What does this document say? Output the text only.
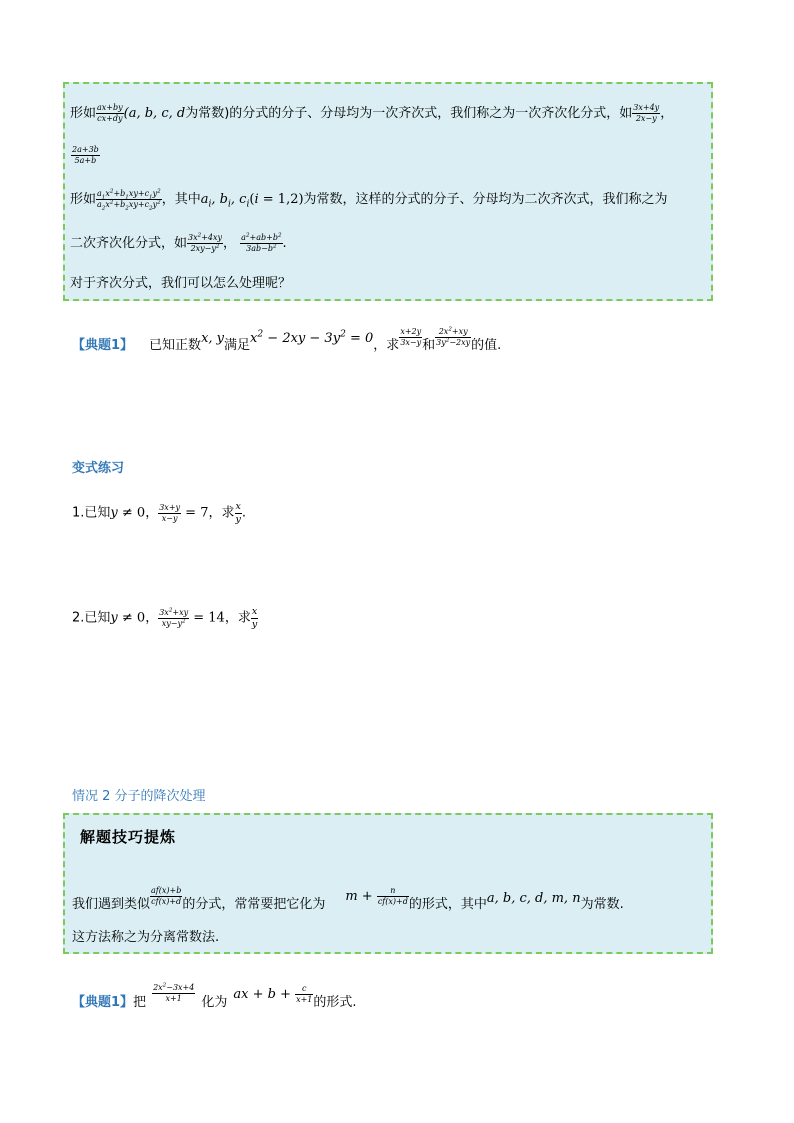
形如 $\frac{ax+by}{cx+dy} (a$, b, c, d为常数)的分式的分子、分母均为一次齐次式，我们称之为一次齐次化分式，如 $\frac{3x+4y}{2x-y}$ ，
$\frac{2a+3b}{5a+b}$
形如 $\frac{a_1x^2+b_1xy+c_1y^2}{a_2x^2+b_2xy+c_2y^2}$ ，其中$a_i$, $b_i$, $c_i(i = 1,2)$为常数，这样的分式的分子、分母均为二次齐次式，我们称之为
二次齐次化分式，如 $\frac{3x^2+4xy}{2xy-y^2}$ ， $\frac{a^2+ab+b^2}{3ab-b^2}$ .
对于齐次分式，我们可以怎么处理呢？
【典题1】 已知正数x, y满足$x^2 - 2xy - 3y^2 = 0$，求 $\frac{x+2y}{3x-y}$ 和 $\frac{2x^2+xy}{3y^2-2xy}$ 的值.
变式练习
1.已知y ≠ 0， $\frac{3x+y}{x-y} = 7$，求 $\frac{x}{y}$ .
2.已知y ≠ 0， $\frac{3x^2+xy}{xy-y^2} = 14$，求 $\frac{x}{y}$
情况 2 分子的降次处理
解题技巧提炼
我们遇到类似 $\frac{af(x)+b}{cf(x)+d}$ 的分式，常常要把它化为$m + \frac{n}{cf(x)+d}$ 的形式，其中a, b, c, d, m, n为常数.
这方法称之为分离常数法.
【典题1】把 $\frac{2x^2-3x+4}{x+1}$ 化为ax + $b + \frac{c}{x+1}$ 的形式.
